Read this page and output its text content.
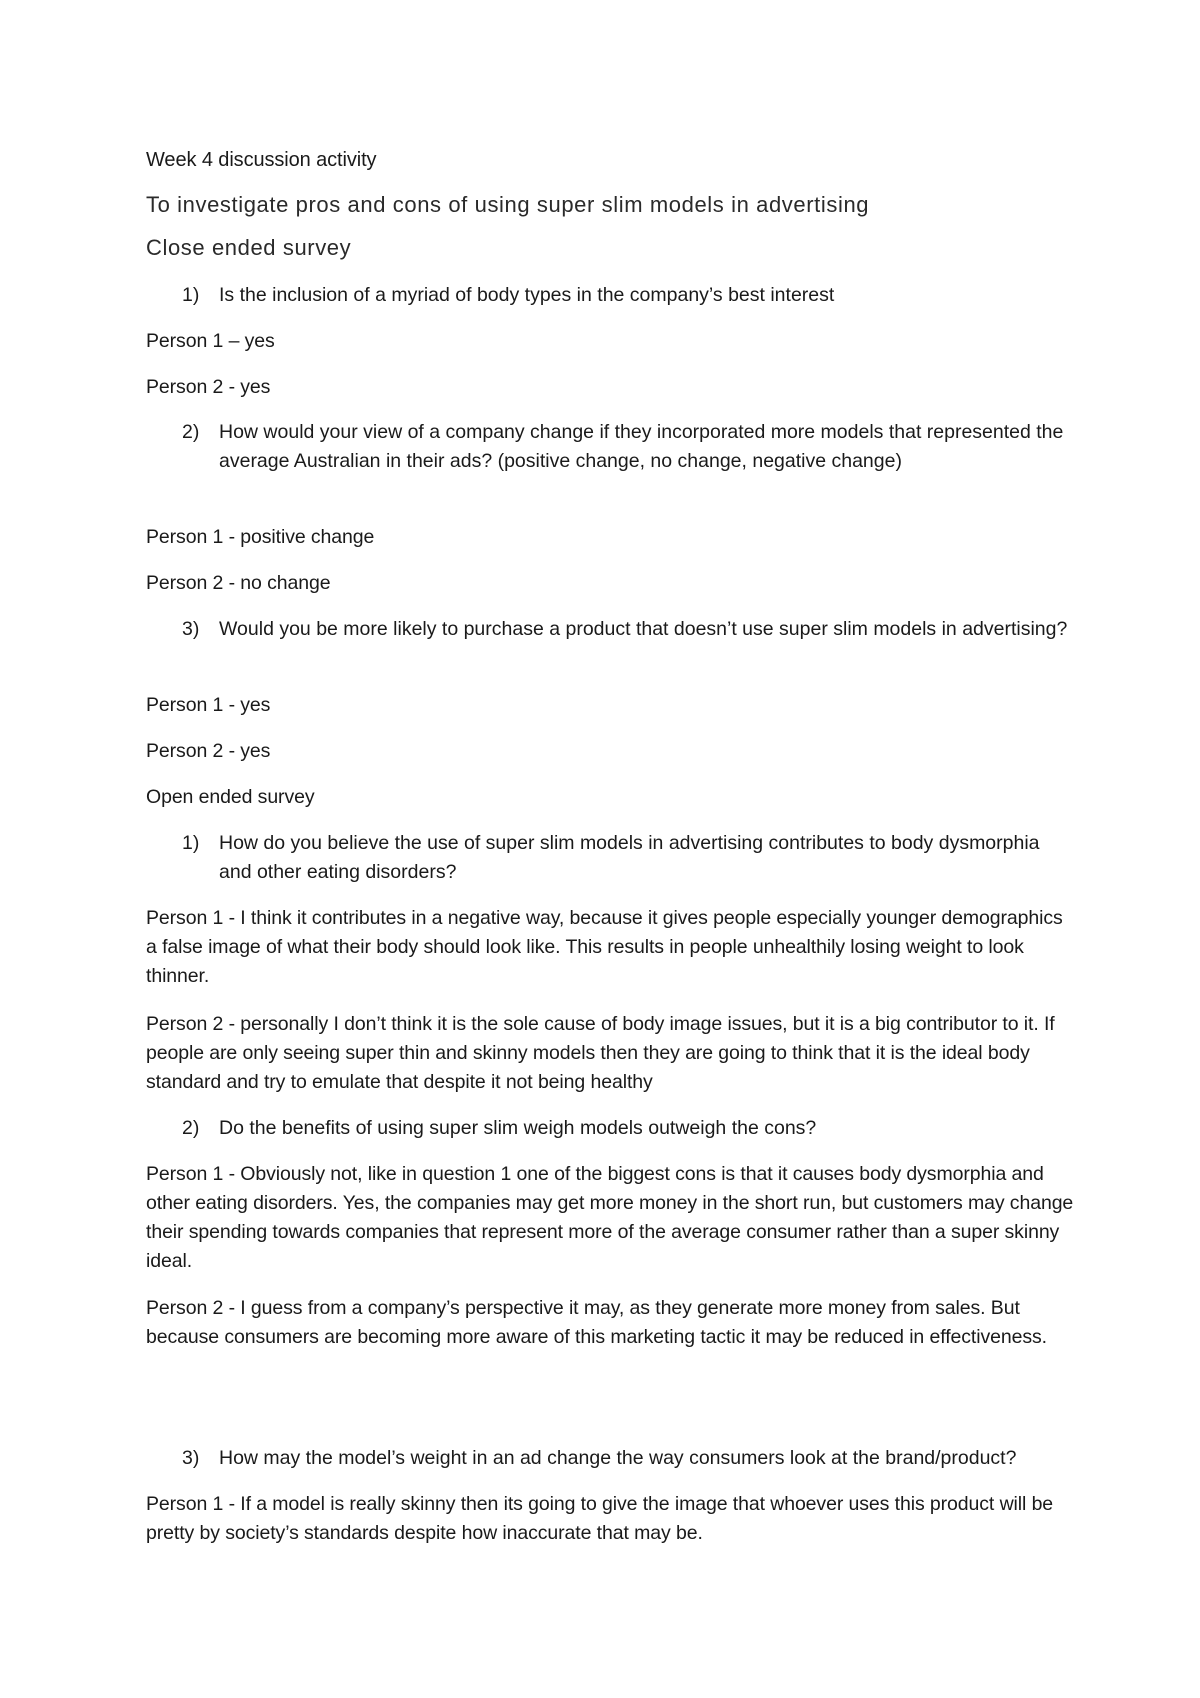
Week 4 discussion activity
To investigate pros and cons of using super slim models in advertising
Close ended survey
1) Is the inclusion of a myriad of body types in the company’s best interest
Person 1 – yes
Person 2 - yes
2) How would your view of a company change if they incorporated more models that represented the average Australian in their ads? (positive change, no change, negative change)
Person 1 - positive change
Person 2 - no change
3) Would you be more likely to purchase a product that doesn’t use super slim models in advertising?
Person 1 - yes
Person 2 - yes
Open ended survey
1) How do you believe the use of super slim models in advertising contributes to body dysmorphia and other eating disorders?
Person 1 - I think it contributes in a negative way, because it gives people especially younger demographics a false image of what their body should look like. This results in people unhealthily losing weight to look thinner.
Person 2 - personally I don’t think it is the sole cause of body image issues, but it is a big contributor to it. If people are only seeing super thin and skinny models then they are going to think that it is the ideal body standard and try to emulate that despite it not being healthy
2) Do the benefits of using super slim weigh models outweigh the cons?
Person 1 - Obviously not, like in question 1 one of the biggest cons is that it causes body dysmorphia and other eating disorders. Yes, the companies may get more money in the short run, but customers may change their spending towards companies that represent more of the average consumer rather than a super skinny ideal.
Person 2 - I guess from a company’s perspective it may, as they generate more money from sales. But because consumers are becoming more aware of this marketing tactic it may be reduced in effectiveness.
3) How may the model’s weight in an ad change the way consumers look at the brand/product?
Person 1 - If a model is really skinny then its going to give the image that whoever uses this product will be pretty by society’s standards despite how inaccurate that may be.
